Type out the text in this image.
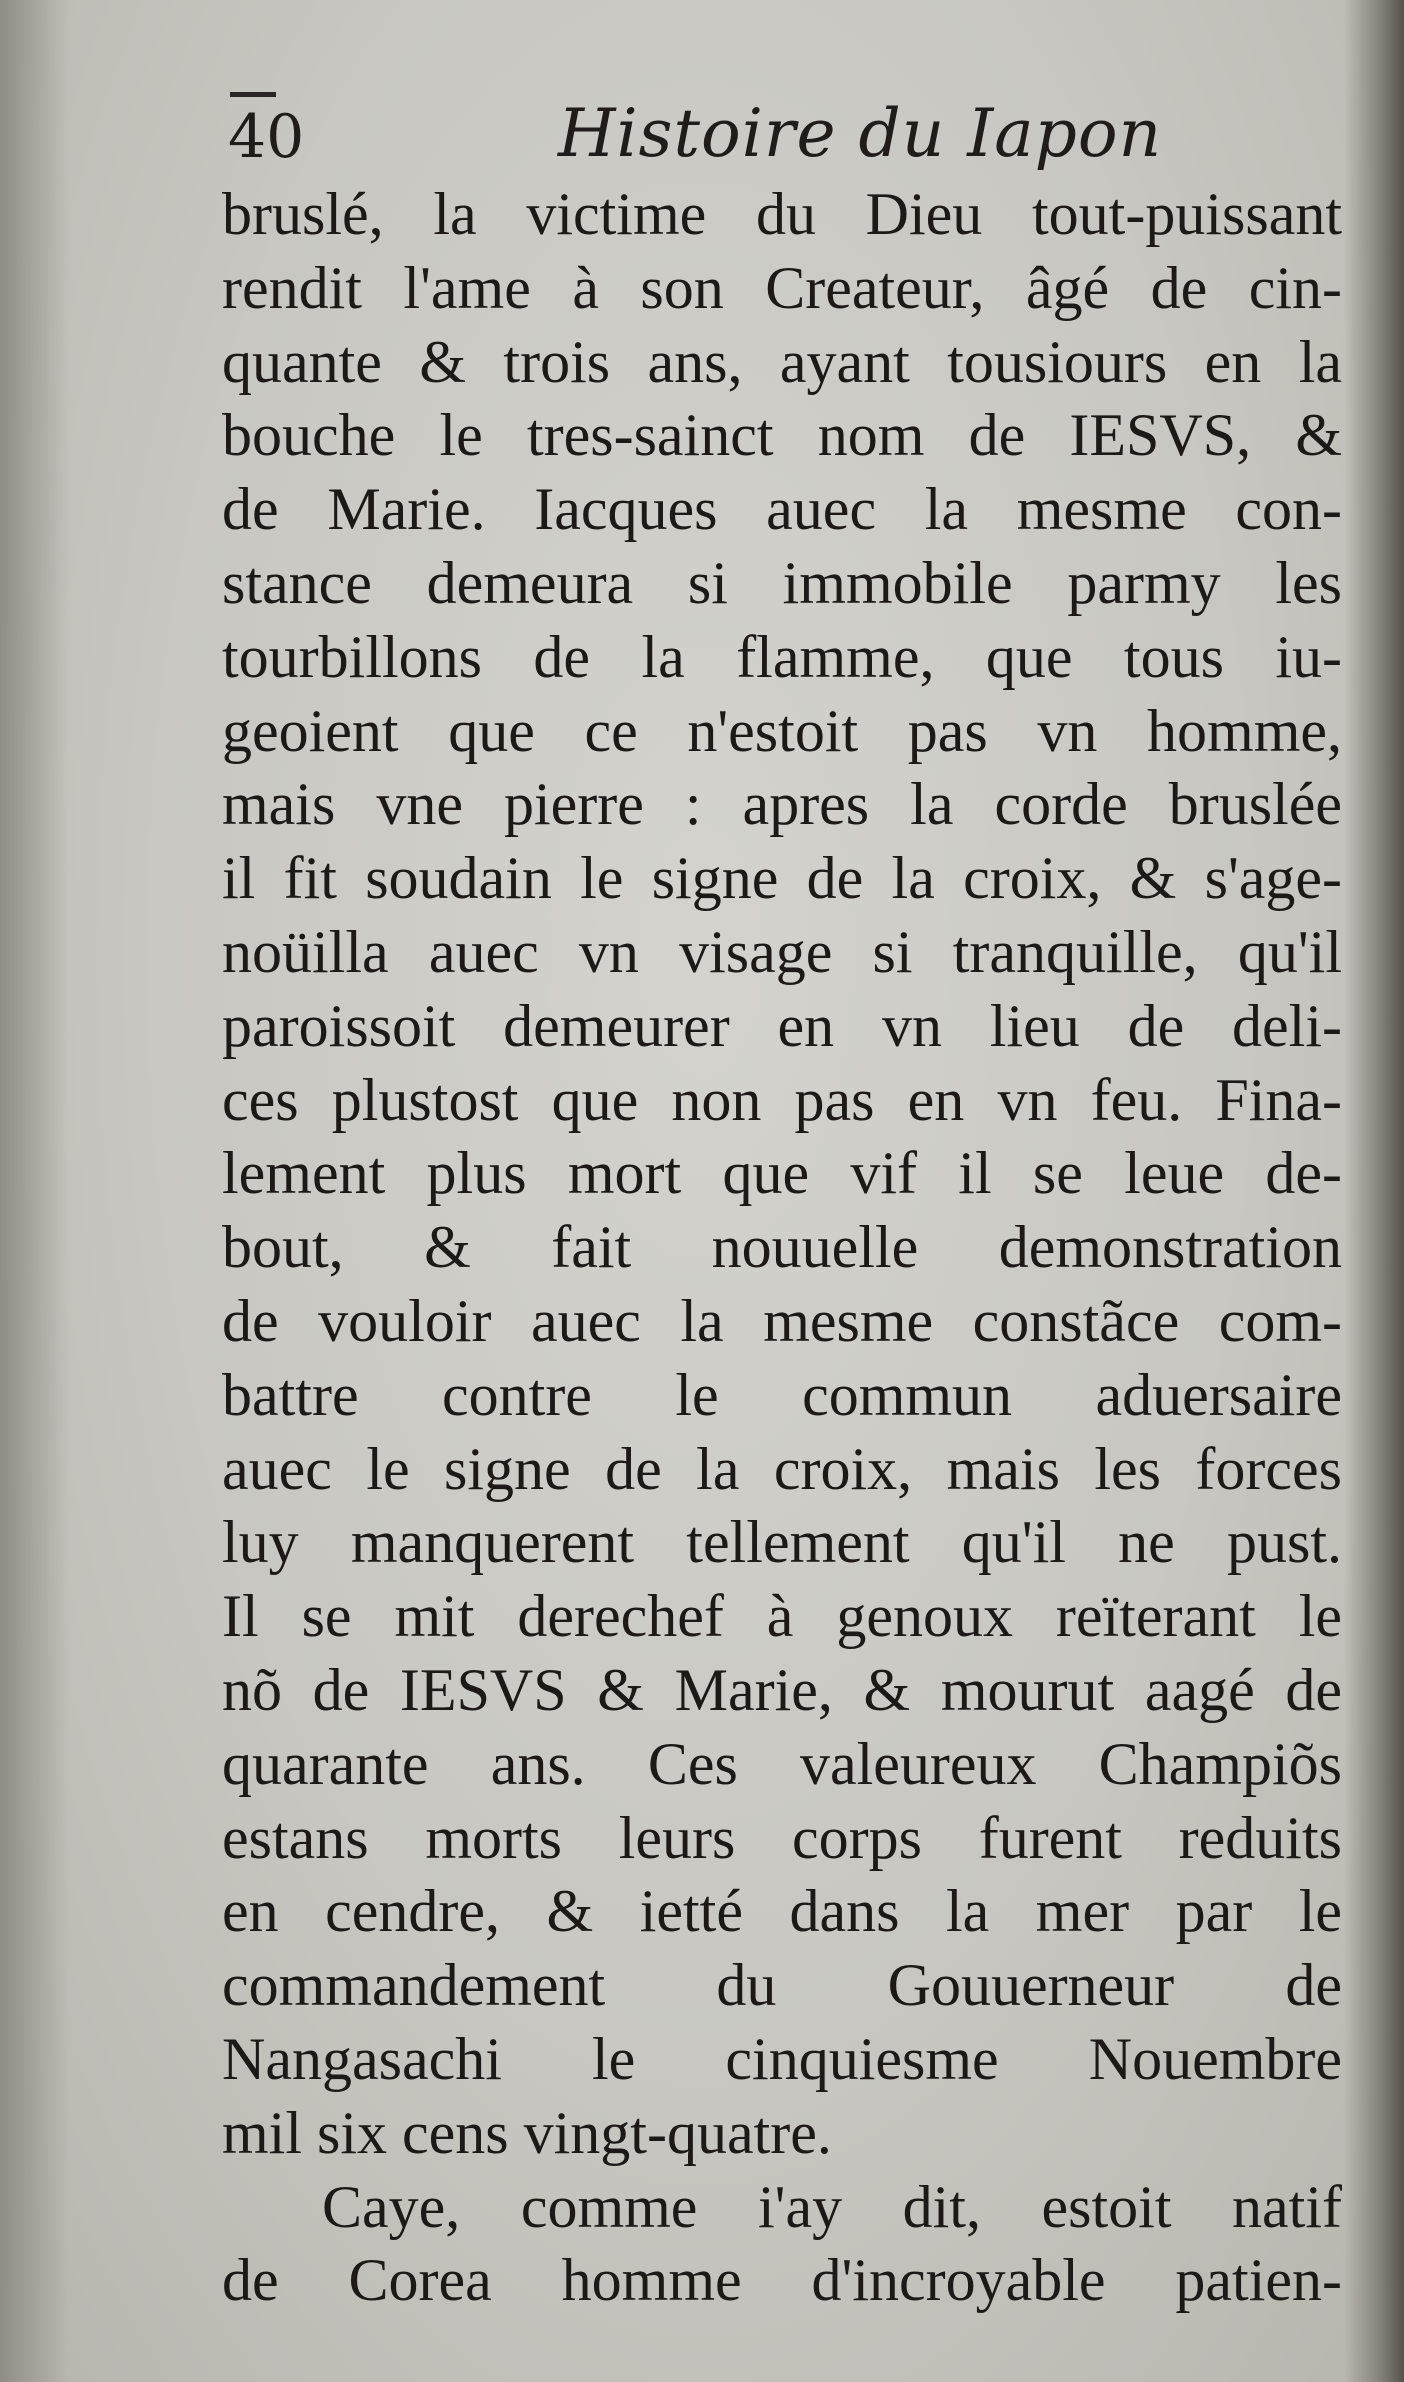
40	Histoire du Iapon
bruslé, la victime du Dieu tout-puissant
rendit l'ame à son Createur, âgé de cin-
quante & trois ans, ayant tousiours en la
bouche le tres-sainct nom de IESVS, &
de Marie. Iacques auec la mesme con-
stance demeura si immobile parmy les
tourbillons de la flamme, que tous iu-
geoient que ce n'estoit pas vn homme,
mais vne pierre : apres la corde bruslée
il fit soudain le signe de la croix, & s'age-
noüilla auec vn visage si tranquille, qu'il
paroissoit demeurer en vn lieu de deli-
ces plustost que non pas en vn feu. Fina-
lement plus mort que vif il se leue de-
bout, & fait nouuelle demonstration
de vouloir auec la mesme constãce com-
battre contre le commun aduersaire
auec le signe de la croix, mais les forces
luy manquerent tellement qu'il ne pust.
Il se mit derechef à genoux reïterant le
nõ de IESVS & Marie, & mourut aagé de
quarante ans. Ces valeureux Champiõs
estans morts leurs corps furent reduits
en cendre, & ietté dans la mer par le
commandement du Gouuerneur de
Nangasachi le cinquiesme Nouembre
mil six cens vingt-quatre.
Caye, comme i'ay dit, estoit natif
de Corea homme d'incroyable patien-
